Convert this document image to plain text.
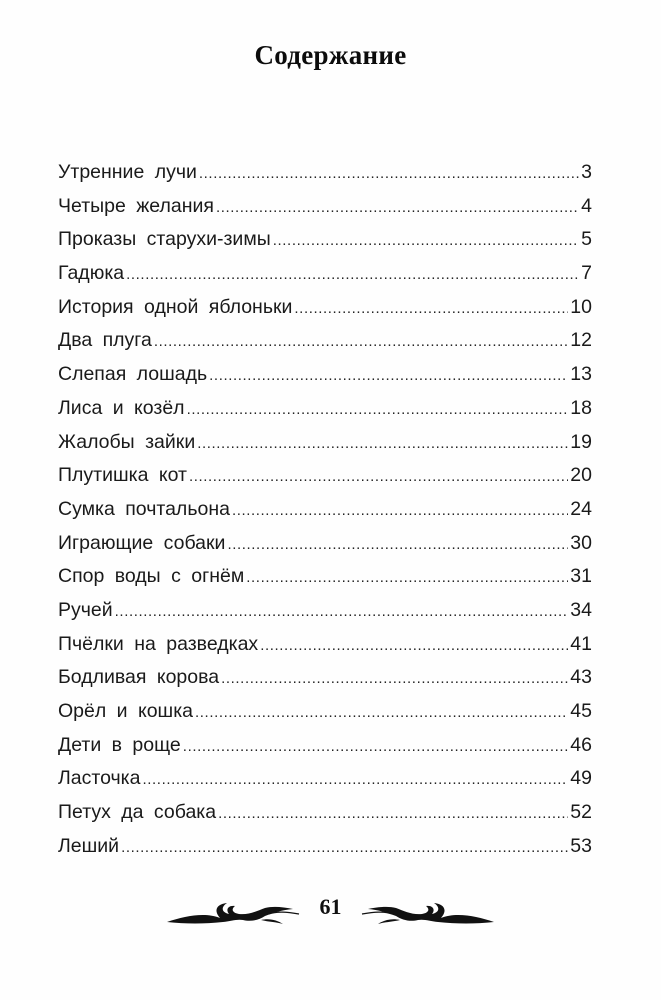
Содержание
Утренние лучи .....	3
Четыре желания .....	4
Проказы старухи-зимы .....	5
Гадюка .....	7
История одной яблоньки .....	10
Два плуга .....	12
Слепая лошадь .....	13
Лиса и козёл .....	18
Жалобы зайки .....	19
Плутишка кот .....	20
Сумка почтальона .....	24
Играющие собаки .....	30
Спор воды с огнём .....	31
Ручей .....	34
Пчёлки на разведках .....	41
Бодливая корова .....	43
Орёл и кошка .....	45
Дети в роще .....	46
Ласточка .....	49
Петух да собака .....	52
Леший .....	53
61
